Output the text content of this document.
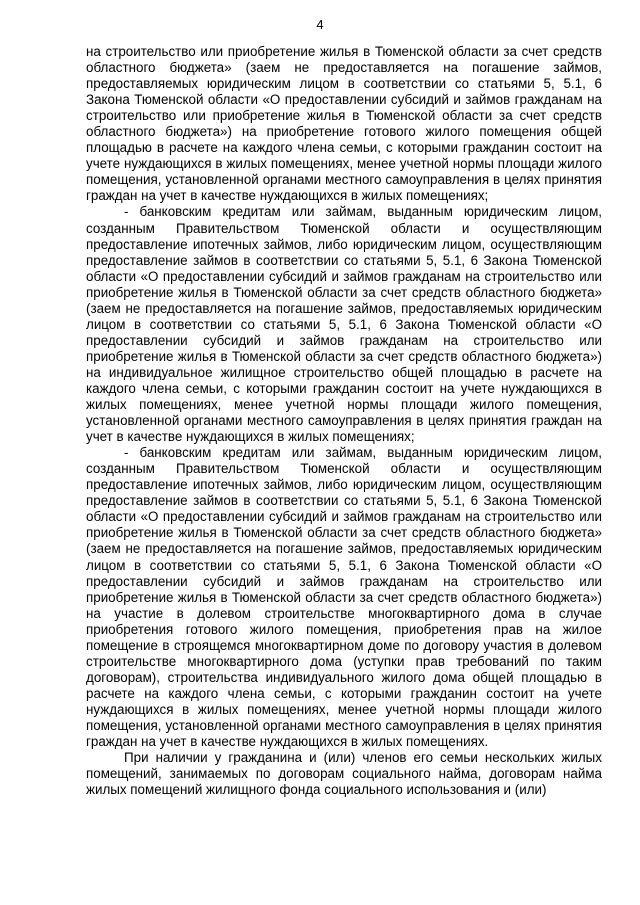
4

на строительство или приобретение жилья в Тюменской области за счет средств областного бюджета» (заем не предоставляется на погашение займов, предоставляемых юридическим лицом в соответствии со статьями 5, 5.1, 6 Закона Тюменской области «О предоставлении субсидий и займов гражданам на строительство или приобретение жилья в Тюменской области за счет средств областного бюджета») на приобретение готового жилого помещения общей площадью в расчете на каждого члена семьи, с которыми гражданин состоит на учете нуждающихся в жилых помещениях, менее учетной нормы площади жилого помещения, установленной органами местного самоуправления в целях принятия граждан на учет в качестве нуждающихся в жилых помещениях;

- банковским кредитам или займам, выданным юридическим лицом, созданным Правительством Тюменской области и осуществляющим предоставление ипотечных займов, либо юридическим лицом, осуществляющим предоставление займов в соответствии со статьями 5, 5.1, 6 Закона Тюменской области «О предоставлении субсидий и займов гражданам на строительство или приобретение жилья в Тюменской области за счет средств областного бюджета» (заем не предоставляется на погашение займов, предоставляемых юридическим лицом в соответствии со статьями 5, 5.1, 6 Закона Тюменской области «О предоставлении субсидий и займов гражданам на строительство или приобретение жилья в Тюменской области за счет средств областного бюджета») на индивидуальное жилищное строительство общей площадью в расчете на каждого члена семьи, с которыми гражданин состоит на учете нуждающихся в жилых помещениях, менее учетной нормы площади жилого помещения, установленной органами местного самоуправления в целях принятия граждан на учет в качестве нуждающихся в жилых помещениях;

- банковским кредитам или займам, выданным юридическим лицом, созданным Правительством Тюменской области и осуществляющим предоставление ипотечных займов, либо юридическим лицом, осуществляющим предоставление займов в соответствии со статьями 5, 5.1, 6 Закона Тюменской области «О предоставлении субсидий и займов гражданам на строительство или приобретение жилья в Тюменской области за счет средств областного бюджета» (заем не предоставляется на погашение займов, предоставляемых юридическим лицом в соответствии со статьями 5, 5.1, 6 Закона Тюменской области «О предоставлении субсидий и займов гражданам на строительство или приобретение жилья в Тюменской области за счет средств областного бюджета») на участие в долевом строительстве многоквартирного дома в случае приобретения готового жилого помещения, приобретения прав на жилое помещение в строящемся многоквартирном доме по договору участия в долевом строительстве многоквартирного дома (уступки прав требований по таким договорам), строительства индивидуального жилого дома общей площадью в расчете на каждого члена семьи, с которыми гражданин состоит на учете нуждающихся в жилых помещениях, менее учетной нормы площади жилого помещения, установленной органами местного самоуправления в целях принятия граждан на учет в качестве нуждающихся в жилых помещениях.

При наличии у гражданина и (или) членов его семьи нескольких жилых помещений, занимаемых по договорам социального найма, договорам найма жилых помещений жилищного фонда социального использования и (или)
